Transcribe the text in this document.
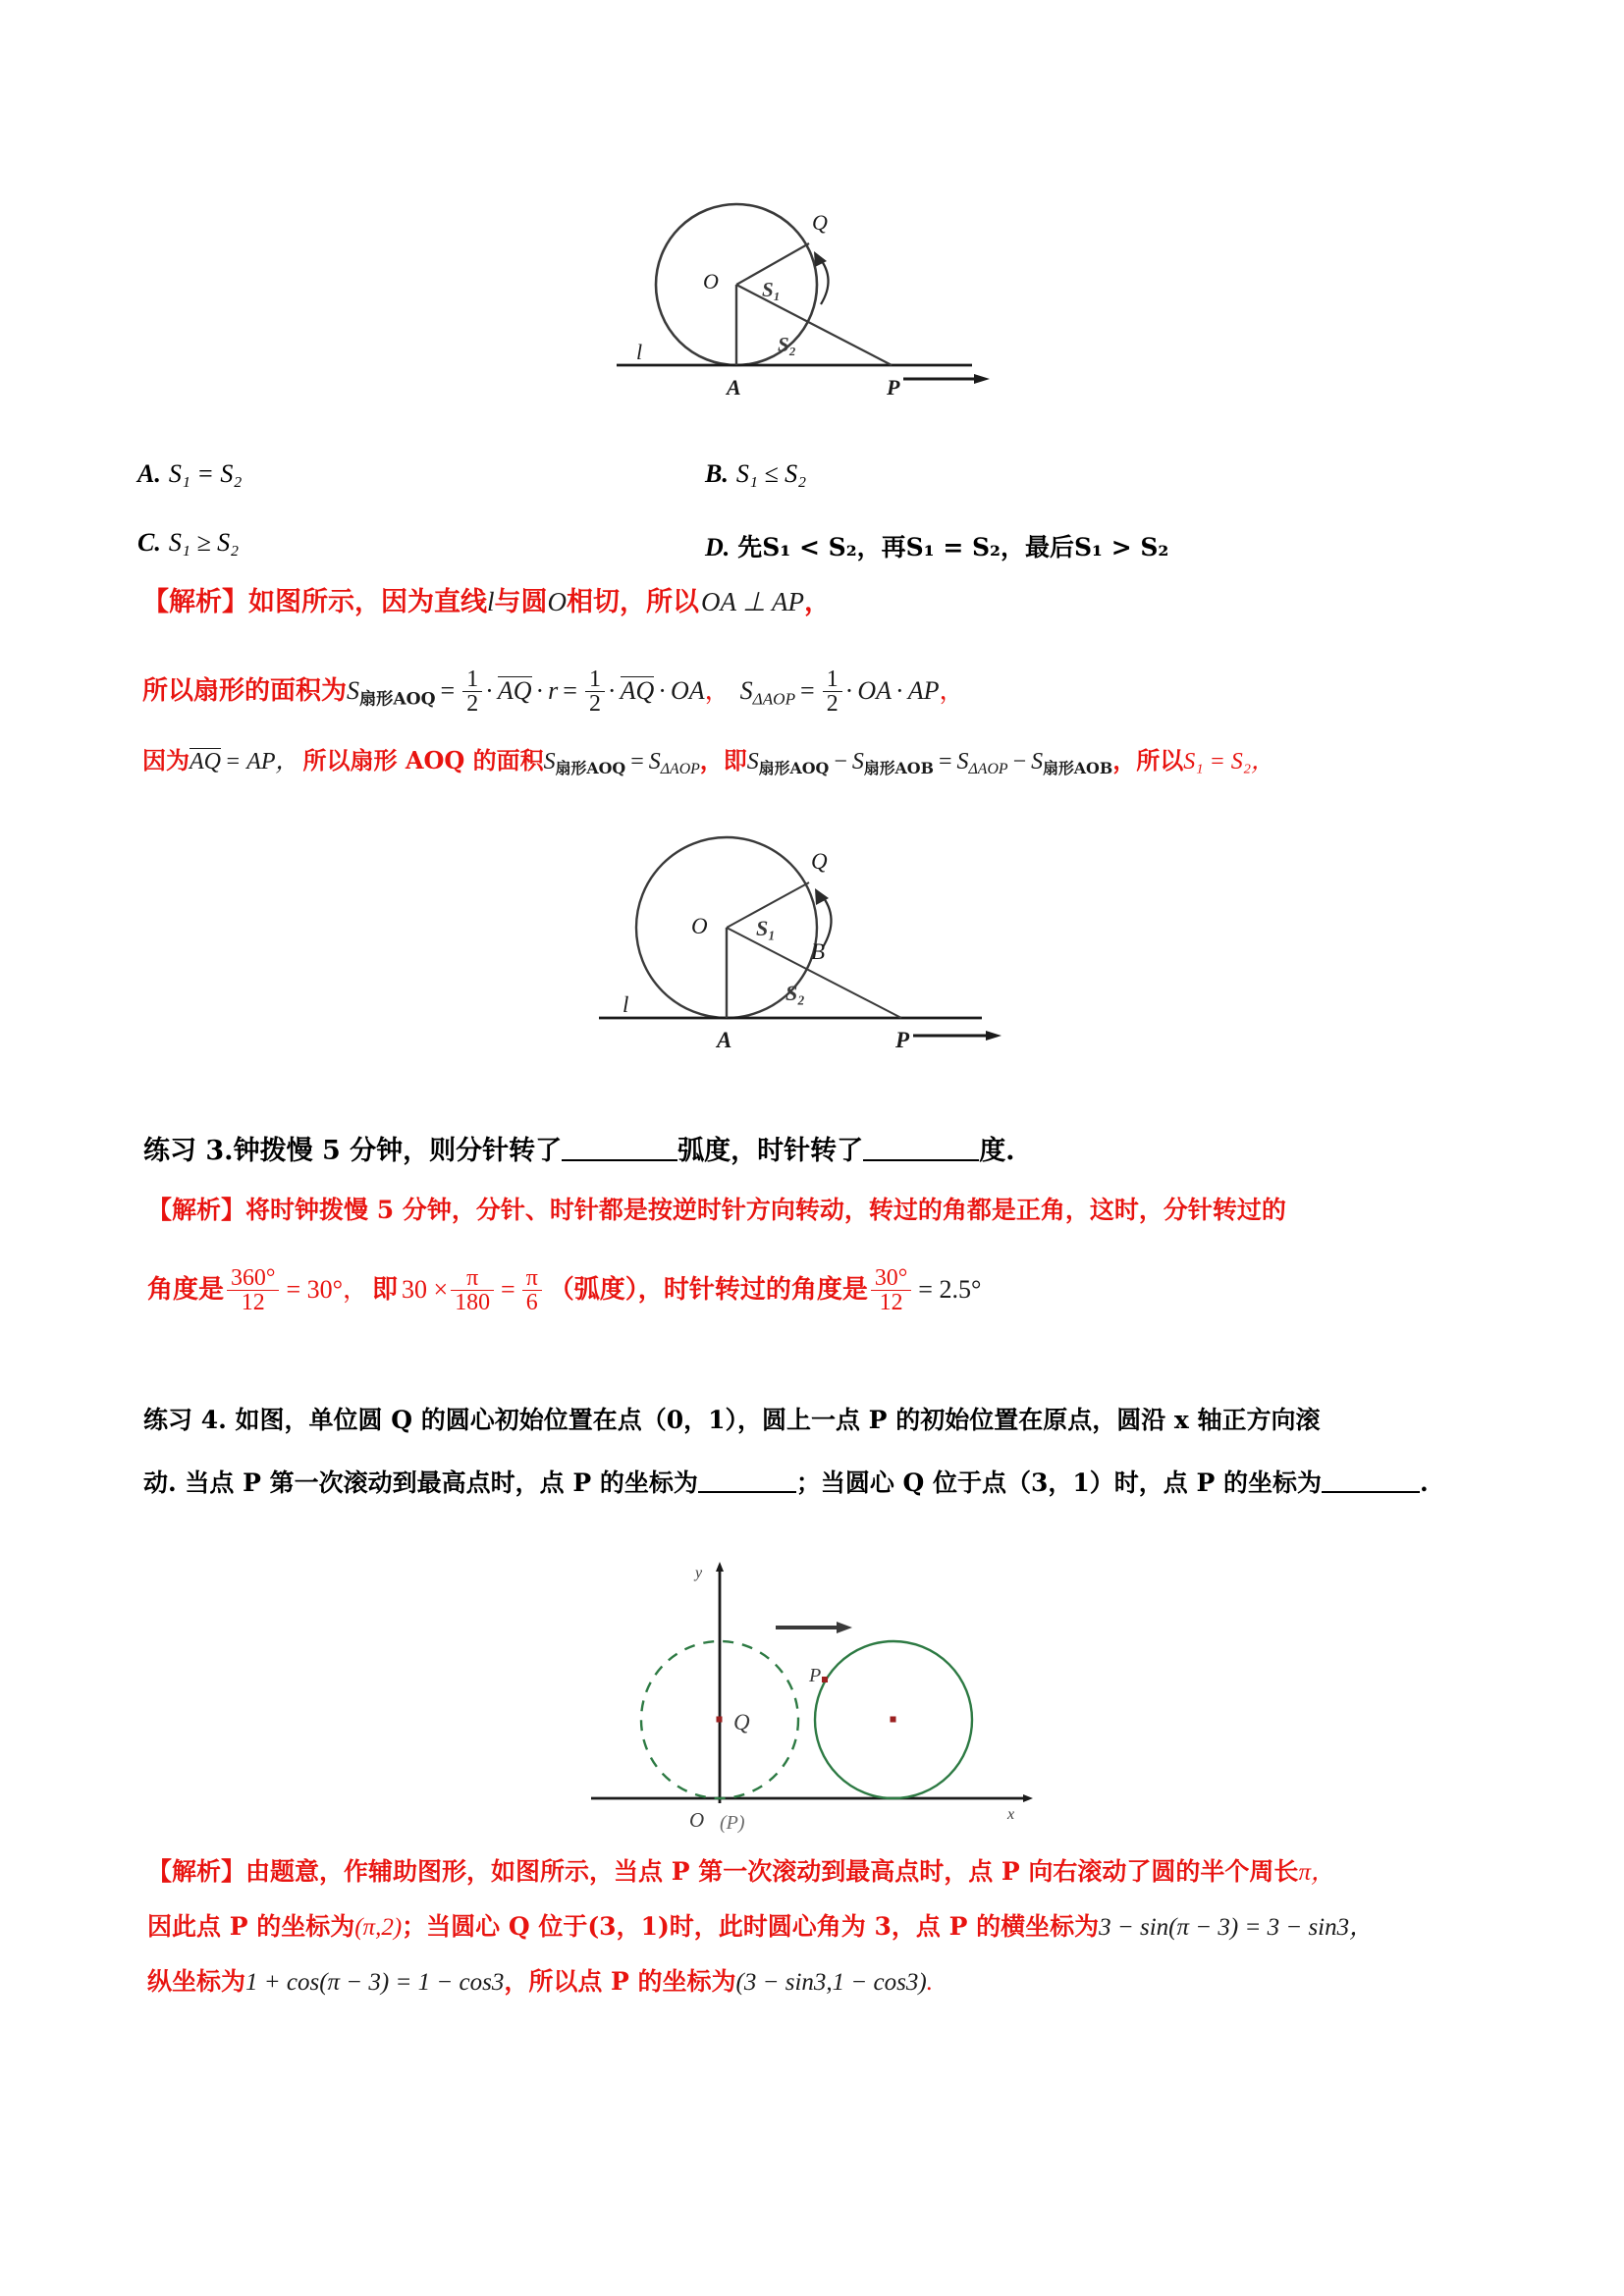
O
Q
A	P
l
S₁
S₂
A. S₁ = S₂	B. S₁ ≤ S₂
C. S₁ ≥ S₂	D. 先S₁ < S₂，再S₁ = S₂，最后S₁ > S₂
【解析】如图所示，因为直线l与圆O相切，所以OA ⊥ AP，
所以扇形的面积为$S_{扇形AOQ} = \frac{1}{2}$ · AQ · $r = \frac{1}{2}$ · AQ · OA， $S_{\Delta AOP} = \frac{1}{2}$ · OA · AP，
因为AQ = AP， 所以扇形 AOQ 的面积$S_{扇形AOQ} = S_{\Delta AOP}$，即$S_{扇形AOQ} - S_{扇形AOB} = S_{\Delta AOP} - S_{扇形AOB}$，所以S₁ = S₂，
O
Q
B
A	P
l
S₁
S₂
练习 3.钟拨慢 5 分钟，则分针转了	弧度，时针转了	度.
【解析】将时钟拨慢 5 分钟，分针、时针都是按逆时针方向转动，转过的角都是正角，这时，分针转过的
角度是 $\frac{360^\circ}{12} = 30^\circ$， 即 $30 \times \frac{\pi}{180} = \frac{\pi}{6}$ （弧度），时针转过的角度是 $\frac{30^\circ}{12} = 2.5^\circ$
练习 4. 如图，单位圆 Q 的圆心初始位置在点（0，1），圆上一点 P 的初始位置在原点，圆沿 x 轴正方向滚
动. 当点 P 第一次滚动到最高点时，点 P 的坐标为	；当圆心 Q 位于点（3，1）时，点 P 的坐标为	.
y
x
O (P)
Q
P
【解析】由题意，作辅助图形，如图所示，当点 P 第一次滚动到最高点时，点 P 向右滚动了圆的半个周长π，
因此点 P 的坐标为(π,2)；当圆心 Q 位于(3，1)时，此时圆心角为 3，点 P 的横坐标为3 − sin(π − 3) = 3 − sin3，
纵坐标为1 + cos(π − 3) = 1 − cos3，所以点 P 的坐标为(3 − sin3,1 − cos3).
